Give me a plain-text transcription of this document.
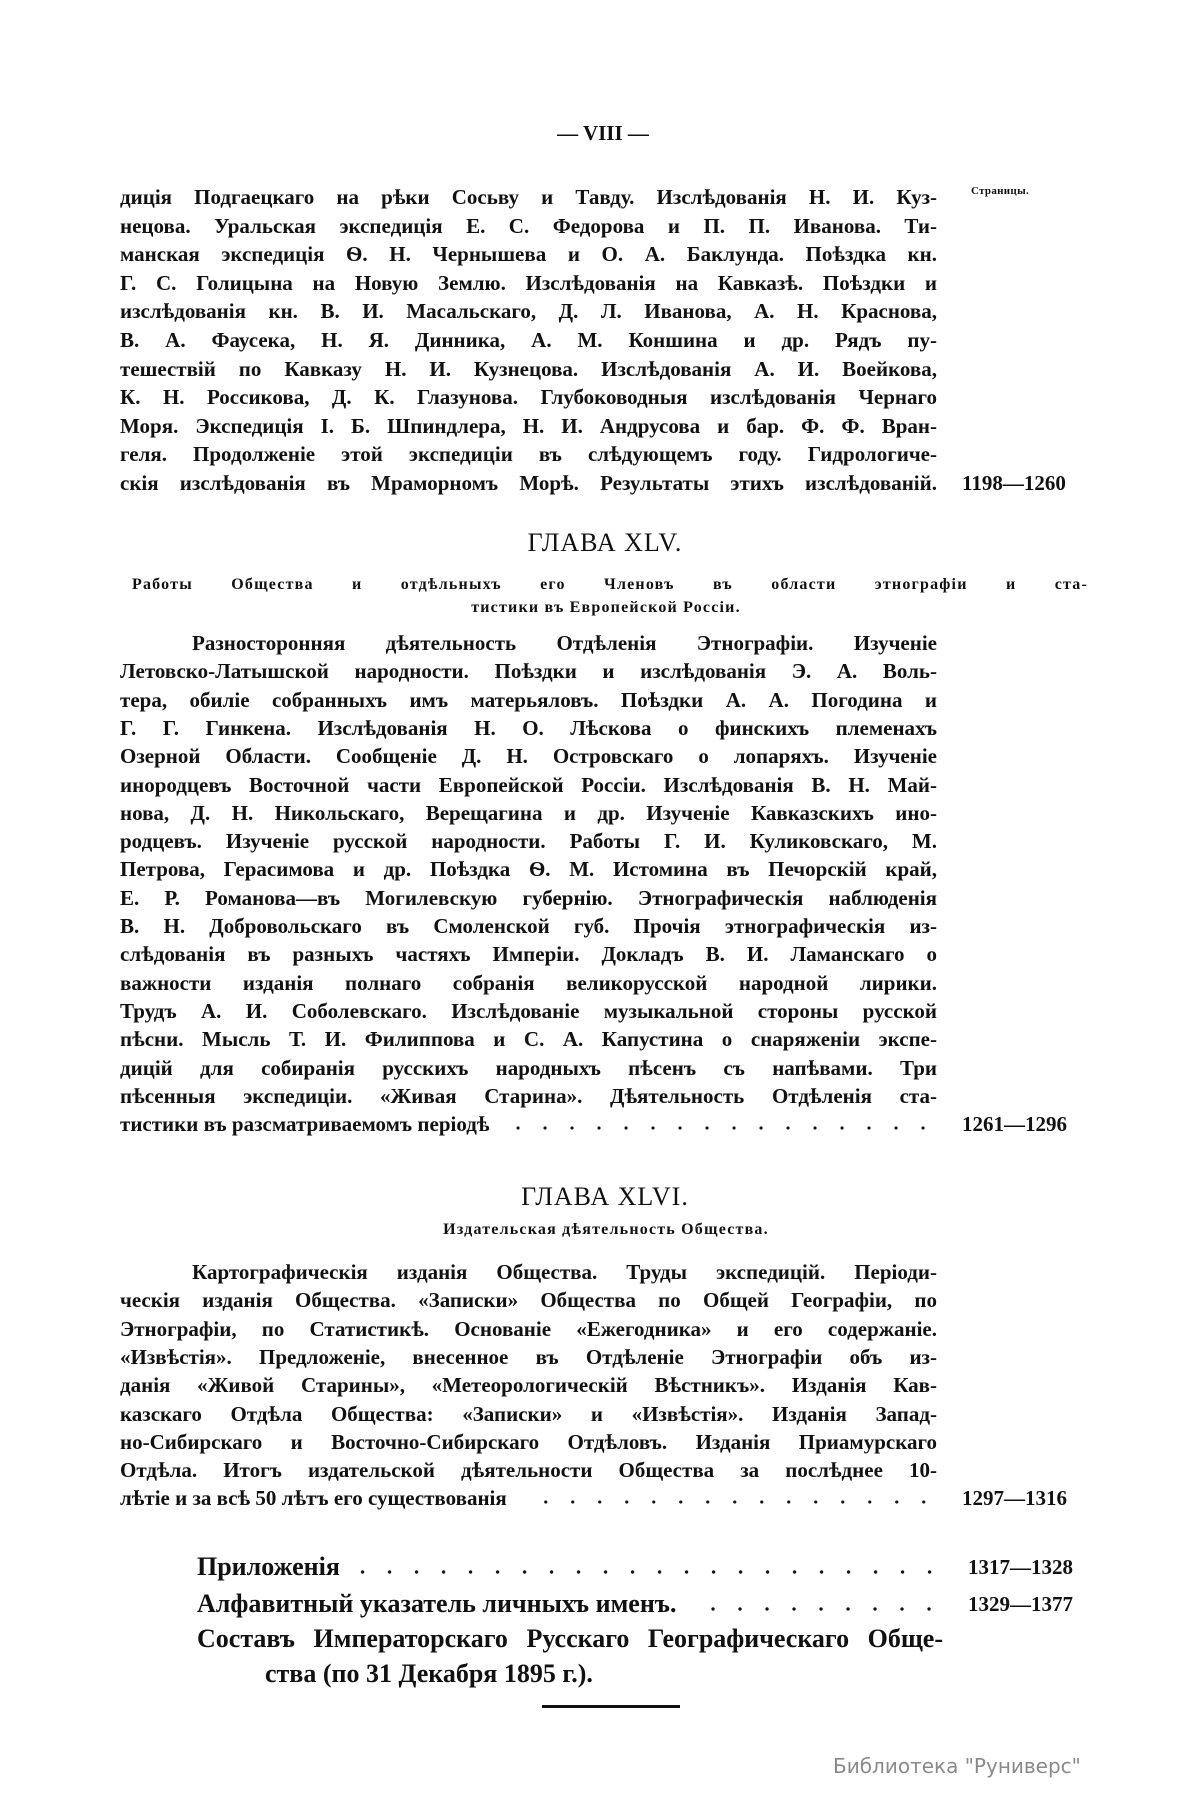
— VIII —
Страницы.
ГЛАВА XLV.
Работы Общества и отдѣльныхъ его Членовъ въ области этнографіи и ста-
тистики въ Европейской Россіи.
ГЛАВА XLVI.
Издательская дѣятельность Общества.
диція Подгаецкаго на рѣки Сосьву и Тавду. Изслѣдованія Н. И. Куз-
нецова. Уральская экспедиція Е. С. Федорова и П. П. Иванова. Ти-
манская экспедиція Ѳ. Н. Чернышева и О. А. Баклунда. Поѣздка кн.
Г. С. Голицына на Новую Землю. Изслѣдованія на Кавказѣ. Поѣздки и
изслѣдованія кн. В. И. Масальскаго, Д. Л. Иванова, А. Н. Краснова,
В. А. Фаусека, Н. Я. Динника, А. М. Коншина и др. Рядъ пу-
тешествій по Кавказу Н. И. Кузнецова. Изслѣдованія А. И. Воейкова,
К. Н. Россикова, Д. К. Глазунова. Глубоководныя изслѣдованія Чернаго
Моря. Экспедиція І. Б. Шпиндлера, Н. И. Андрусова и бар. Ф. Ф. Вран-
геля. Продолженіе этой экспедиціи въ слѣдующемъ году. Гидрологиче-
скія изслѣдованія въ Мраморномъ Морѣ. Результаты этихъ изслѣдованій. 1198—1260
Разносторонняя дѣятельность Отдѣленія Этнографіи. Изученіе
Летовско-Латышской народности. Поѣздки и изслѣдованія Э. А. Воль-
тера, обиліе собранныхъ имъ матерьяловъ. Поѣздки А. А. Погодина и
Г. Г. Гинкена. Изслѣдованія Н. О. Лѣскова о финскихъ племенахъ
Озерной Области. Сообщеніе Д. Н. Островскаго о лопаряхъ. Изученіе
инородцевъ Восточной части Европейской Россіи. Изслѣдованія В. Н. Май-
нова, Д. Н. Никольскаго, Верещагина и др. Изученіе Кавказскихъ ино-
родцевъ. Изученіе русской народности. Работы Г. И. Куликовскаго, М.
Петрова, Герасимова и др. Поѣздка Ѳ. М. Истомина въ Печорскій край,
Е. Р. Романова—въ Могилевскую губернію. Этнографическія наблюденія
В. Н. Добровольскаго въ Смоленской губ. Прочія этнографическія из-
слѣдованія въ разныхъ частяхъ Имперіи. Докладъ В. И. Ламанскаго о
важности изданія полнаго собранія великорусской народной лирики.
Трудъ А. И. Соболевскаго. Изслѣдованіе музыкальной стороны русской
пѣсни. Мысль Т. И. Филиппова и С. А. Капустина о снаряженіи экспе-
дицій для собиранія русскихъ народныхъ пѣсенъ съ напѣвами. Три
пѣсенныя экспедиціи. «Живая Старина». Дѣятельность Отдѣленія ста-
тистики въ разсматриваемомъ періодѣ	1261—1296
Картографическія изданія Общества. Труды экспедицій. Періоди-
ческія изданія Общества. «Записки» Общества по Общей Географіи, по
Этнографіи, по Статистикѣ. Основаніе «Ежегодника» и его содержаніе.
«Извѣстія». Предложеніе, внесенное въ Отдѣленіе Этнографіи объ из-
данія «Живой Старины», «Метеорологическій Вѣстникъ». Изданія Кав-
казскаго Отдѣла Общества: «Записки» и «Извѣстія». Изданія Запад-
но-Сибирскаго и Восточно-Сибирскаго Отдѣловъ. Изданія Приамурскаго
Отдѣла. Итогъ издательской дѣятельности Общества за послѣднее 10-
лѣтіе и за всѣ 50 лѣтъ его существованія	1297—1316
Приложенія	1317—1328
Алфавитный указатель личныхъ именъ.	1329—1377
Составъ Императорскаго Русскаго Географическаго Обще-
ства (по 31 Декабря 1895 г.).
Библиотека "Руниверс"
